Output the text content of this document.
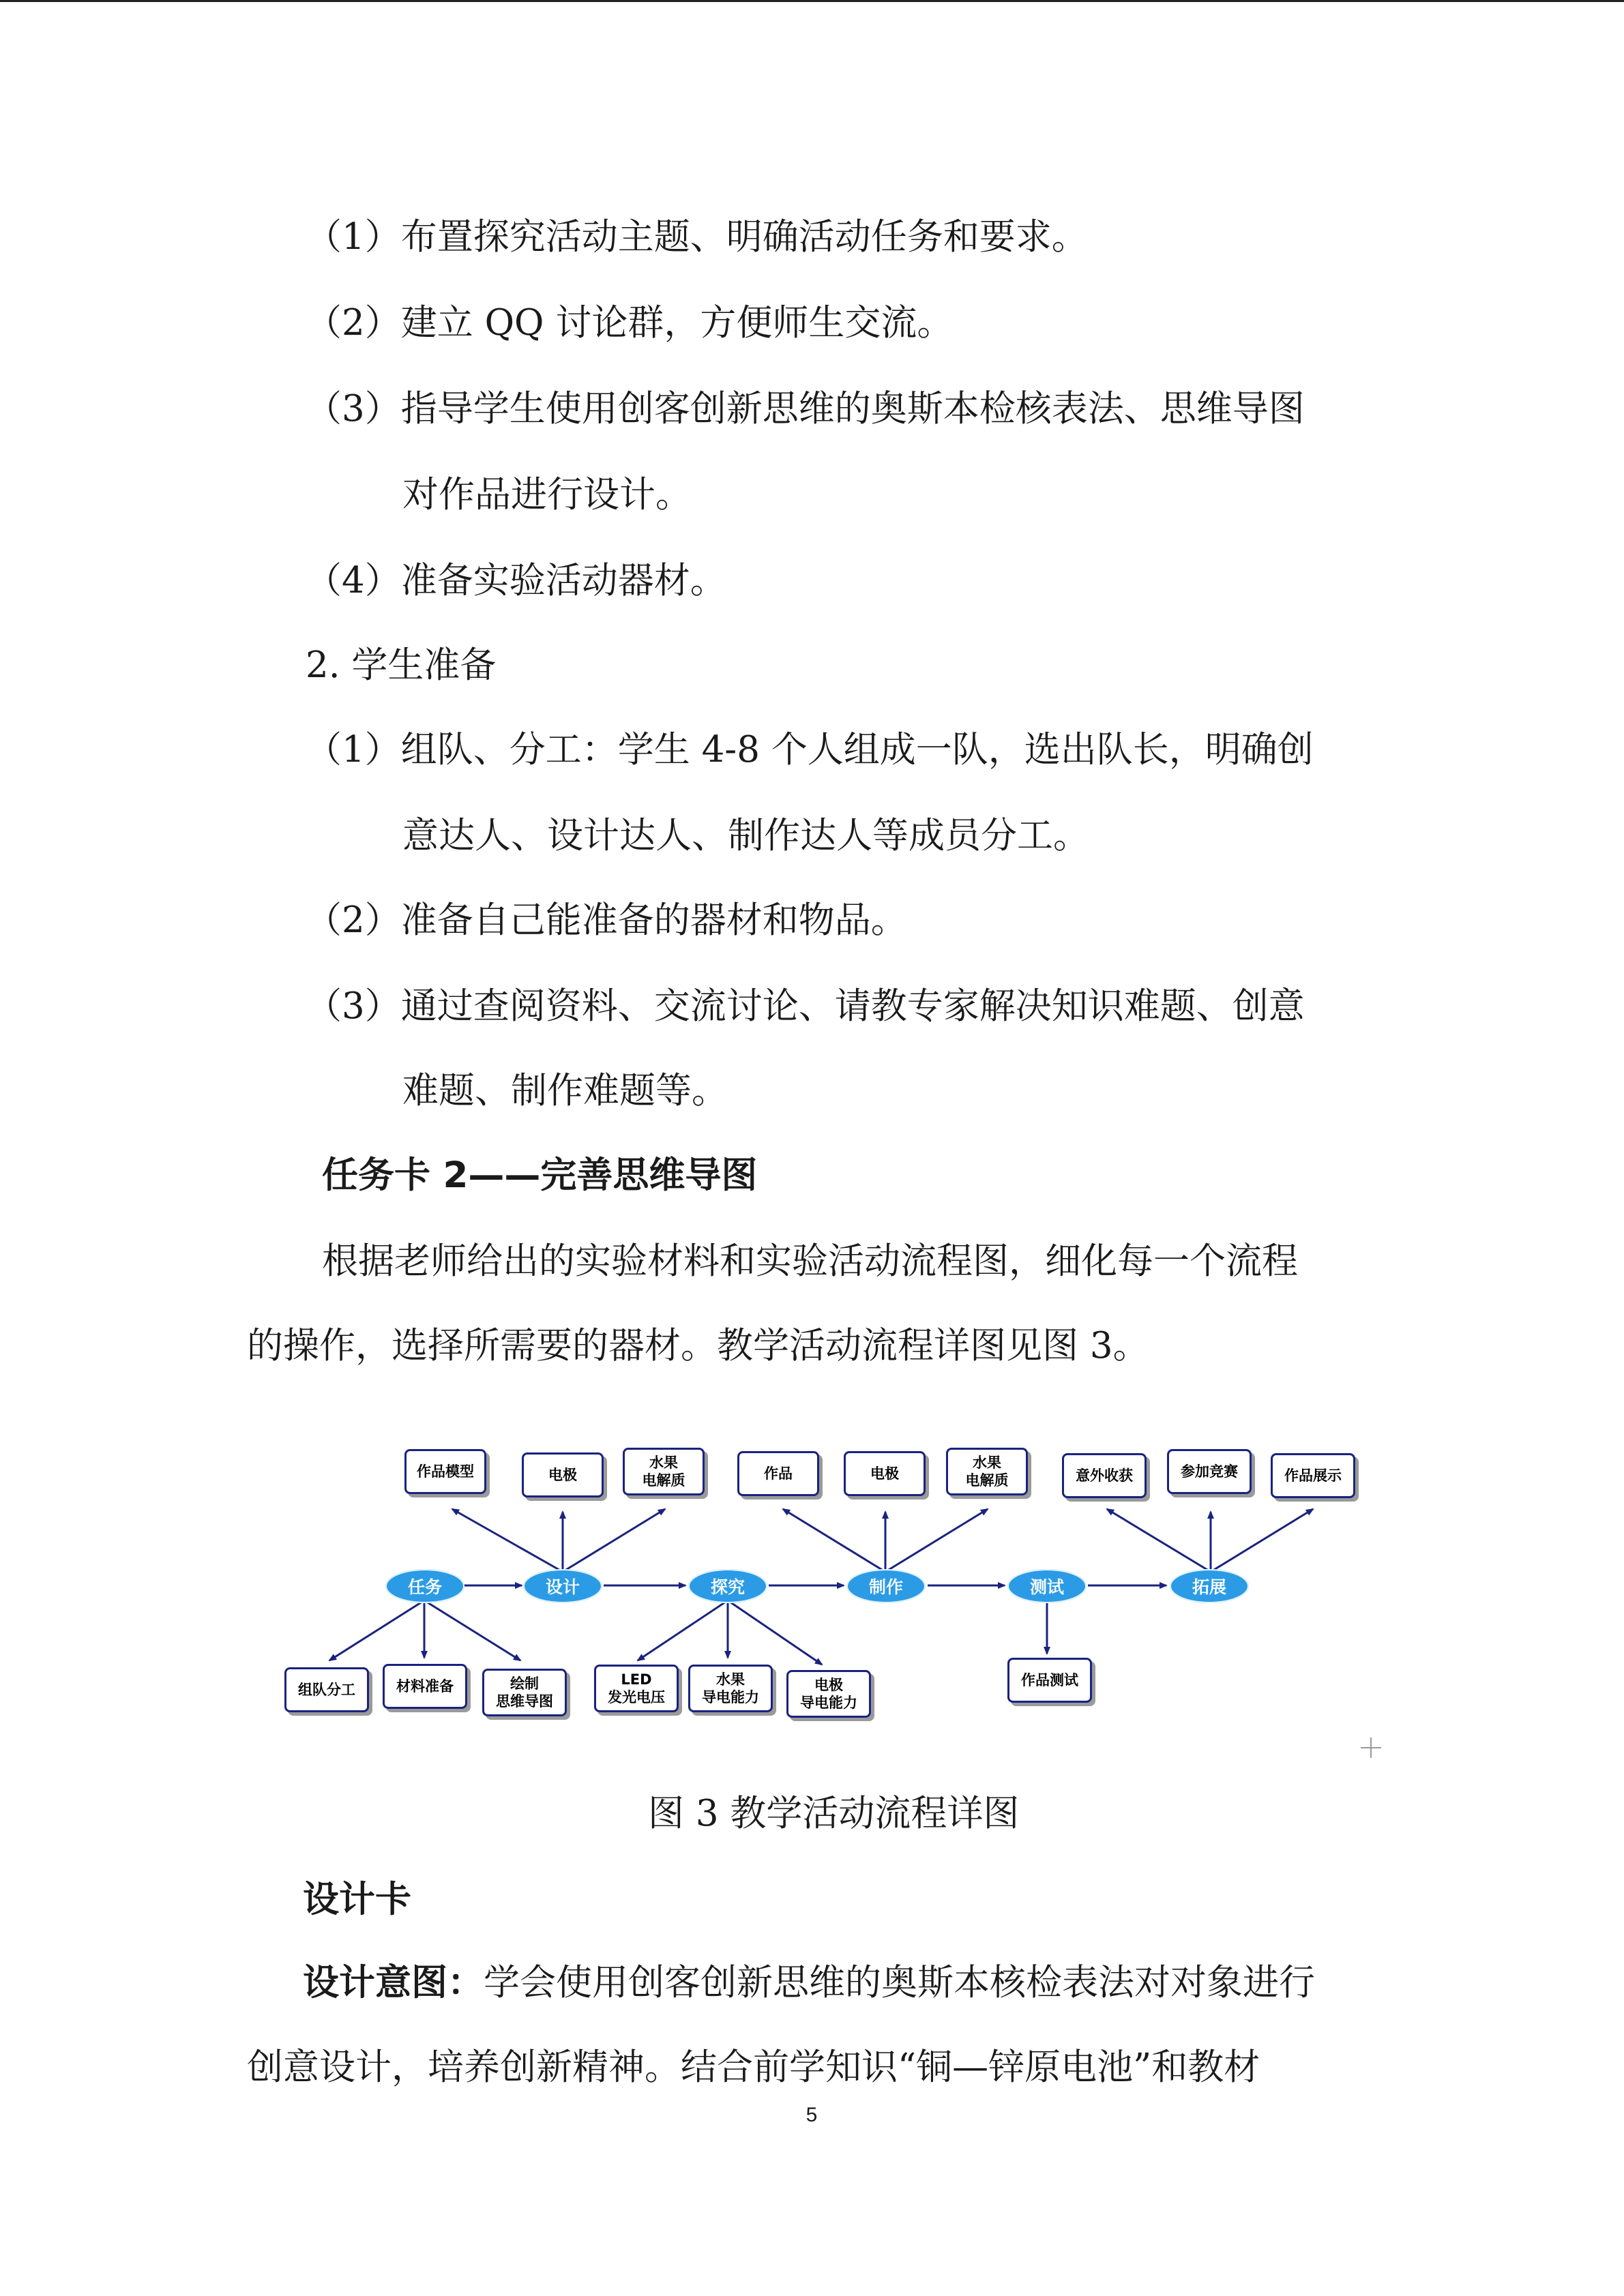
（1）布置探究活动主题、明确活动任务和要求。
（2）建立 QQ 讨论群，方便师生交流。
（3）指导学生使用创客创新思维的奥斯本检核表法、思维导图
对作品进行设计。
（4）准备实验活动器材。
2. 学生准备
（1）组队、分工：学生 4-8 个人组成一队，选出队长，明确创
意达人、设计达人、制作达人等成员分工。
（2）准备自己能准备的器材和物品。
（3）通过查阅资料、交流讨论、请教专家解决知识难题、创意
难题、制作难题等。
任务卡 2——完善思维导图
根据老师给出的实验材料和实验活动流程图，细化每一个流程
的操作，选择所需要的器材。教学活动流程详图见图 3。
作品模型	电极
水果
电解质	作品	电极
水果
电解质	意外收获	参加竞赛	作品展示
任务	设计	探究	制作	测试	拓展
组队分工	材料准备	绘制
思维导图
LED
发光电压
水果
导电能力
电极
导电能力
作品测试
图 3 教学活动流程详图
设计卡
设计意图：学会使用创客创新思维的奥斯本核检表法对对象进行
创意设计，培养创新精神。结合前学知识“铜—锌原电池”和教材
5
